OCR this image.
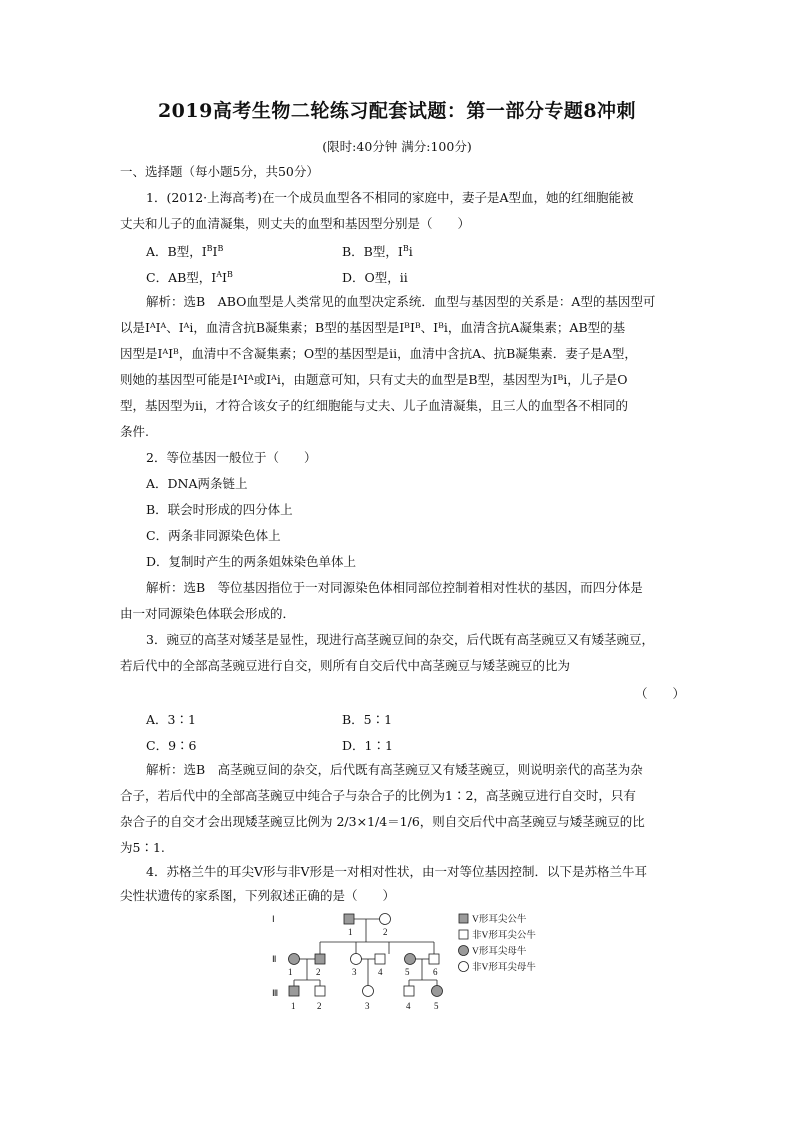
2019高考生物二轮练习配套试题：第一部分专题8冲刺
(限时:40分钟 满分:100分)
一、选择题（每小题5分，共50分）
1．(2012·上海高考)在一个成员血型各不相同的家庭中，妻子是A型血，她的红细胞能被
丈夫和儿子的血清凝集，则丈夫的血型和基因型分别是（　　）
A．B型，$I^BI^B$	B．B型，$I^Bi$
C．AB型，$I^AI^B$	D．O型，ii
解析：选B　ABO血型是人类常见的血型决定系统．血型与基因型的关系是：A型的基因型可
以是IᴬIᴬ、Iᴬi，血清含抗B凝集素；B型的基因型是IᴮIᴮ、Iᴮi，血清含抗A凝集素；AB型的基
因型是IᴬIᴮ，血清中不含凝集素；O型的基因型是ii，血清中含抗A、抗B凝集素．妻子是A型，
则她的基因型可能是IᴬIᴬ或Iᴬi，由题意可知，只有丈夫的血型是B型，基因型为Iᴮi，儿子是O
型，基因型为ii，才符合该女子的红细胞能与丈夫、儿子血清凝集，且三人的血型各不相同的
条件.
2．等位基因一般位于（　　）
A．DNA两条链上
B．联会时形成的四分体上
C．两条非同源染色体上
D．复制时产生的两条姐妹染色单体上
解析：选B　等位基因指位于一对同源染色体相同部位控制着相对性状的基因，而四分体是
由一对同源染色体联会形成的．
3．豌豆的高茎对矮茎是显性，现进行高茎豌豆间的杂交，后代既有高茎豌豆又有矮茎豌豆，
若后代中的全部高茎豌豆进行自交，则所有自交后代中高茎豌豆与矮茎豌豆的比为
（　　）
A．3∶1	B．5∶1
C．9∶6	D．1∶1
解析：选B　高茎豌豆间的杂交，后代既有高茎豌豆又有矮茎豌豆，则说明亲代的高茎为杂
合子，若后代中的全部高茎豌豆中纯合子与杂合子的比例为1∶2，高茎豌豆进行自交时，只有
杂合子的自交才会出现矮茎豌豆比例为 2/3×1/4＝1/6，则自交后代中高茎豌豆与矮茎豌豆的比
为5∶1.
4．苏格兰牛的耳尖V形与非V形是一对相对性状，由一对等位基因控制．以下是苏格兰牛耳
尖性状遗传的家系图，下列叙述正确的是（　　）
Ⅰ
Ⅱ
Ⅲ
1	2
1	2	3 4	5	6
1 2	3	4	5
V形耳尖公牛
非V形耳尖公牛
V形耳尖母牛
非V形耳尖母牛
